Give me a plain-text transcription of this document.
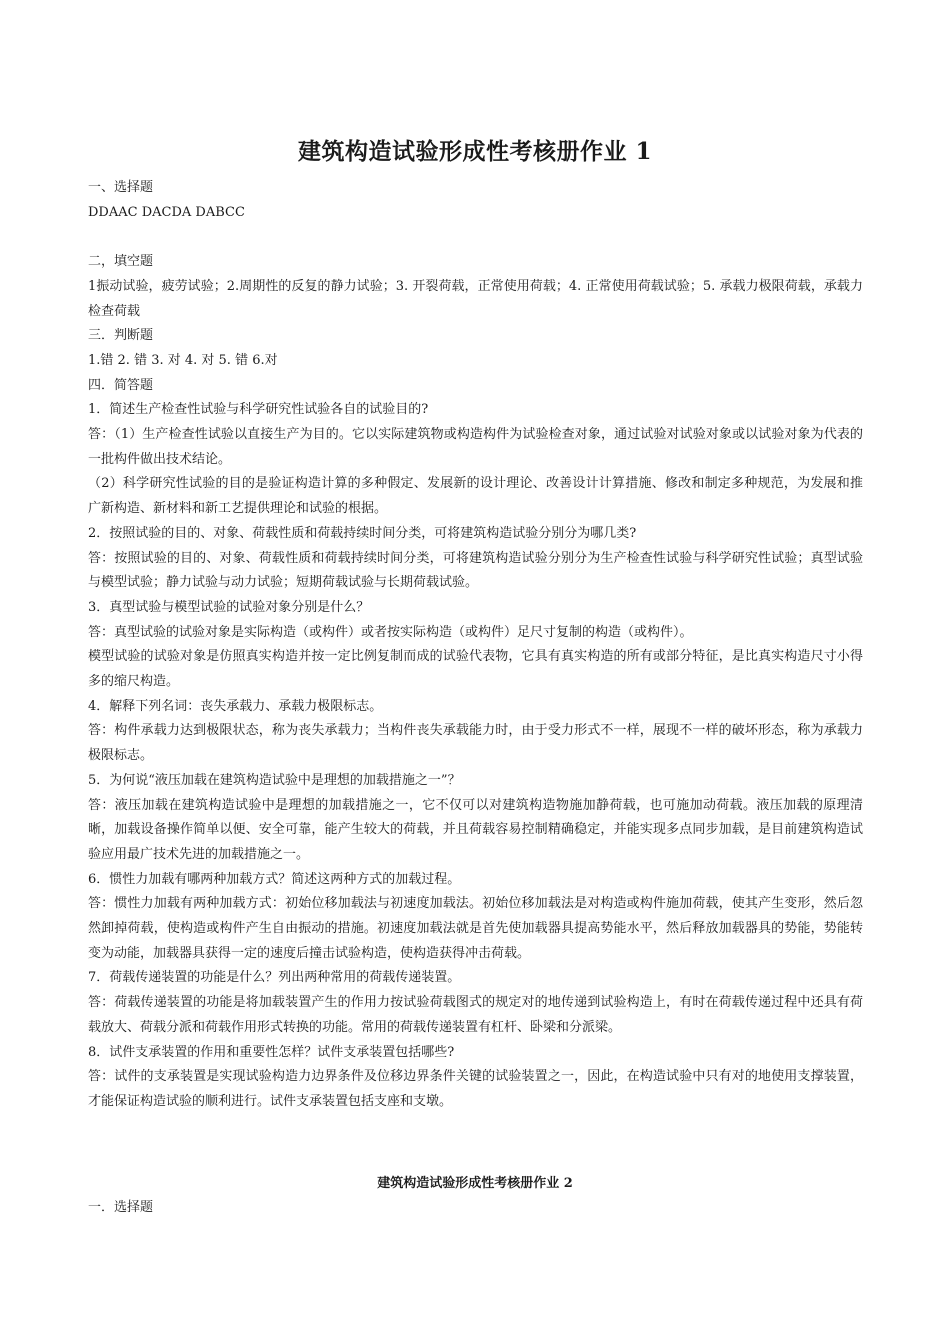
建筑构造试验形成性考核册作业 1

一、选择题

DDAAC DACDA DABCC

二，填空题

1振动试验，疲劳试验；2.周期性的反复的静力试验；3. 开裂荷载，正常使用荷载；4. 正常使用荷载试验；5. 承载力极限荷载，承载力检查荷载

三．判断题

1.错 2. 错 3. 对 4. 对 5. 错 6.对

四．简答题

1．简述生产检查性试验与科学研究性试验各自的试验目的?

答：（1）生产检查性试验以直接生产为目的。它以实际建筑物或构造构件为试验检查对象，通过试验对试验对象或以试验对象为代表的一批构件做出技术结论。

（2）科学研究性试验的目的是验证构造计算的多种假定、发展新的设计理论、改善设计计算措施、修改和制定多种规范，为发展和推广新构造、新材料和新工艺提供理论和试验的根据。

2．按照试验的目的、对象、荷载性质和荷载持续时间分类，可将建筑构造试验分别分为哪几类?

答：按照试验的目的、对象、荷载性质和荷载持续时间分类，可将建筑构造试验分别分为生产检查性试验与科学研究性试验；真型试验与模型试验；静力试验与动力试验；短期荷载试验与长期荷载试验。

3．真型试验与模型试验的试验对象分别是什么？

答：真型试验的试验对象是实际构造（或构件）或者按实际构造（或构件）足尺寸复制的构造（或构件）。

模型试验的试验对象是仿照真实构造并按一定比例复制而成的试验代表物，它具有真实构造的所有或部分特征，是比真实构造尺寸小得多的缩尺构造。

4．解释下列名词：丧失承载力、承载力极限标志。

答：构件承载力达到极限状态，称为丧失承载力；当构件丧失承载能力时，由于受力形式不一样，展现不一样的破坏形态，称为承载力极限标志。

5．为何说“液压加载在建筑构造试验中是理想的加载措施之一”？

答：液压加载在建筑构造试验中是理想的加载措施之一，它不仅可以对建筑构造物施加静荷载，也可施加动荷载。液压加载的原理清晰，加载设备操作简单以便、安全可靠，能产生较大的荷载，并且荷载容易控制精确稳定，并能实现多点同步加载，是目前建筑构造试验应用最广技术先进的加载措施之一。

6．惯性力加载有哪两种加载方式？简述这两种方式的加载过程。

答：惯性力加载有两种加载方式：初始位移加载法与初速度加载法。初始位移加载法是对构造或构件施加荷载，使其产生变形，然后忽然卸掉荷载，使构造或构件产生自由振动的措施。初速度加载法就是首先使加载器具提高势能水平，然后释放加载器具的势能，势能转变为动能，加载器具获得一定的速度后撞击试验构造，使构造获得冲击荷载。

7．荷载传递装置的功能是什么？列出两种常用的荷载传递装置。

答：荷载传递装置的功能是将加载装置产生的作用力按试验荷载图式的规定对的地传递到试验构造上，有时在荷载传递过程中还具有荷载放大、荷载分派和荷载作用形式转换的功能。常用的荷载传递装置有杠杆、卧梁和分派梁。

8．试件支承装置的作用和重要性怎样？试件支承装置包括哪些?

答：试件的支承装置是实现试验构造力边界条件及位移边界条件关键的试验装置之一，因此，在构造试验中只有对的地使用支撑装置，才能保证构造试验的顺利进行。试件支承装置包括支座和支墩。

建筑构造试验形成性考核册作业 2
一．选择题
